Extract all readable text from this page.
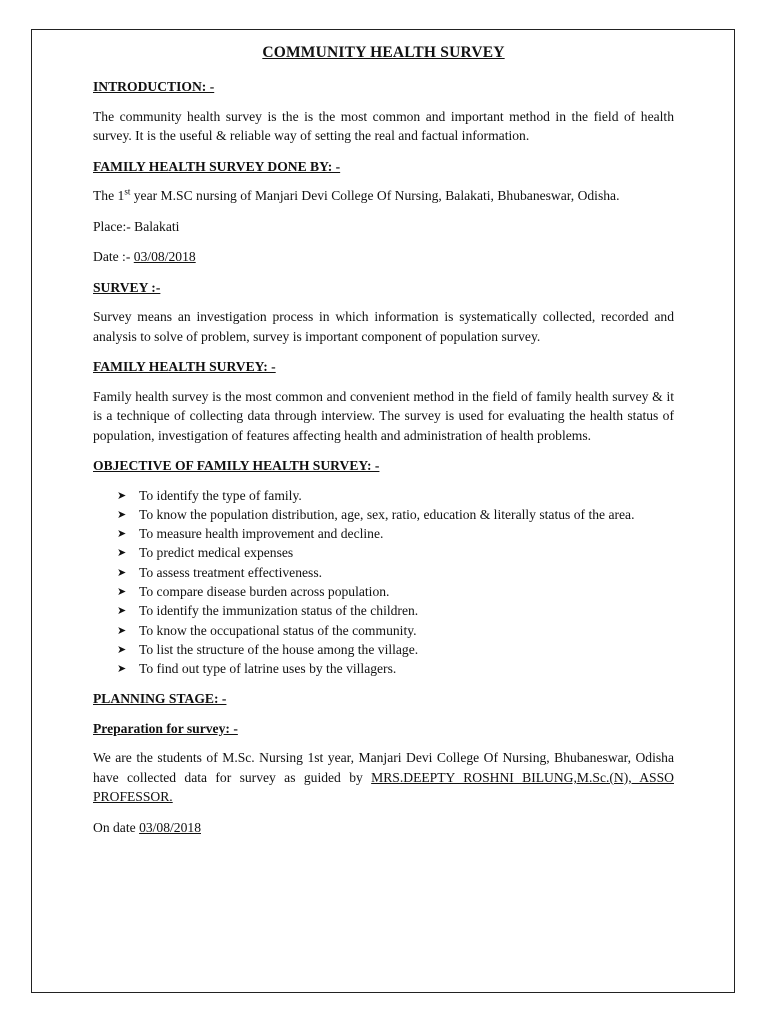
COMMUNITY HEALTH SURVEY
INTRODUCTION: -

The community health survey is the is the most common and important method in the field of health survey. It is the useful & reliable way of setting the real and factual information.

FAMILY HEALTH SURVEY DONE BY: -

The 1st year M.SC nursing of Manjari Devi College Of Nursing, Balakati, Bhubaneswar, Odisha.

Place:- Balakati

Date :- 03/08/2018

SURVEY :-

Survey means an investigation process in which information is systematically collected, recorded and analysis to solve of problem, survey is important component of population survey.

FAMILY HEALTH SURVEY: -

Family health survey is the most common and convenient method in the field of family health survey & it is a technique of collecting data through interview. The survey is used for evaluating the health status of population, investigation of features affecting health and administration of health problems.

OBJECTIVE OF FAMILY HEALTH SURVEY: -
➤ To identify the type of family.
➤ To know the population distribution, age, sex, ratio, education & literally status of the area.
➤ To measure health improvement and decline.
➤ To predict medical expenses
➤ To assess treatment effectiveness.
➤ To compare disease burden across population.
➤ To identify the immunization status of the children.
➤ To know the occupational status of the community.
➤ To list the structure of the house among the village.
➤ To find out type of latrine uses by the villagers.
PLANNING STAGE: -
Preparation for survey: -

We are the students of M.Sc. Nursing 1st year, Manjari Devi College Of Nursing, Bhubaneswar, Odisha have collected data for survey as guided by MRS.DEEPTY ROSHNI BILUNG,M.Sc.(N), ASSO PROFESSOR.

On date 03/08/2018
